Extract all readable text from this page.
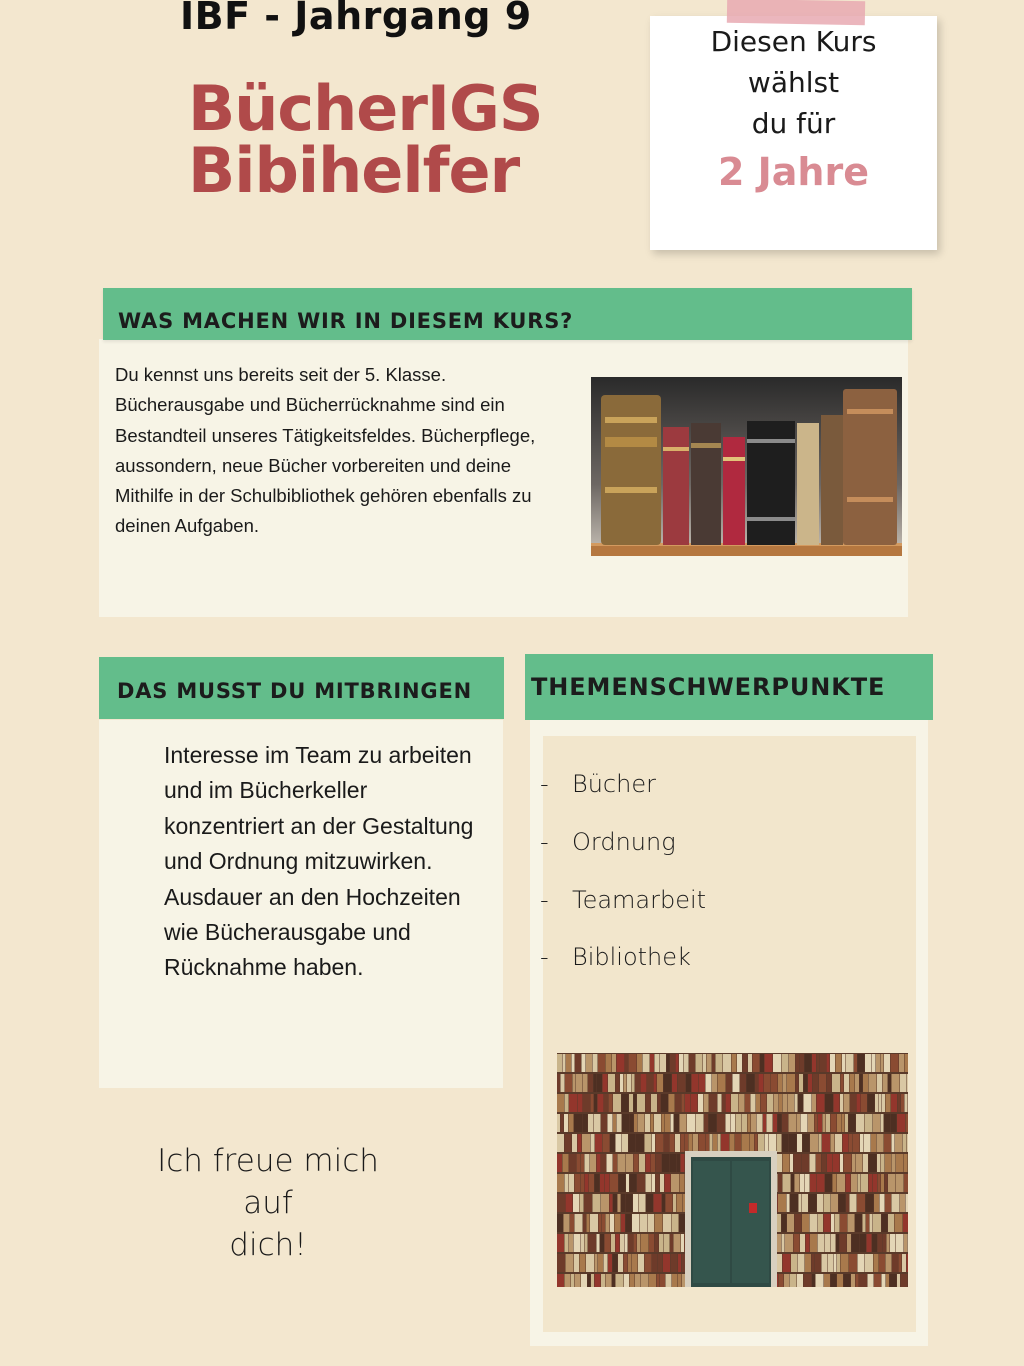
IBF - Jahrgang 9
BücherIGS
Bibihelfer
Diesen Kurs
wählst
du für
2 Jahre
WAS MACHEN WIR IN DIESEM KURS?
Du kennst uns bereits seit der 5. Klasse.
Bücherausgabe und Bücherrücknahme sind ein
Bestandteil unseres Tätigkeitsfeldes. Bücherpflege,
aussondern, neue Bücher vorbereiten und deine
Mithilfe in der Schulbibliothek gehören ebenfalls zu
deinen Aufgaben.
DAS MUSST DU MITBRINGEN
Interesse im Team zu arbeiten
und im Bücherkeller
konzentriert an der Gestaltung
und Ordnung mitzuwirken.
Ausdauer an den Hochzeiten
wie Bücherausgabe und
Rücknahme haben.
THEMENSCHWERPUNKTE
- Bücher
- Ordnung
- Teamarbeit
- Bibliothek
Ich freue mich auf
dich!
